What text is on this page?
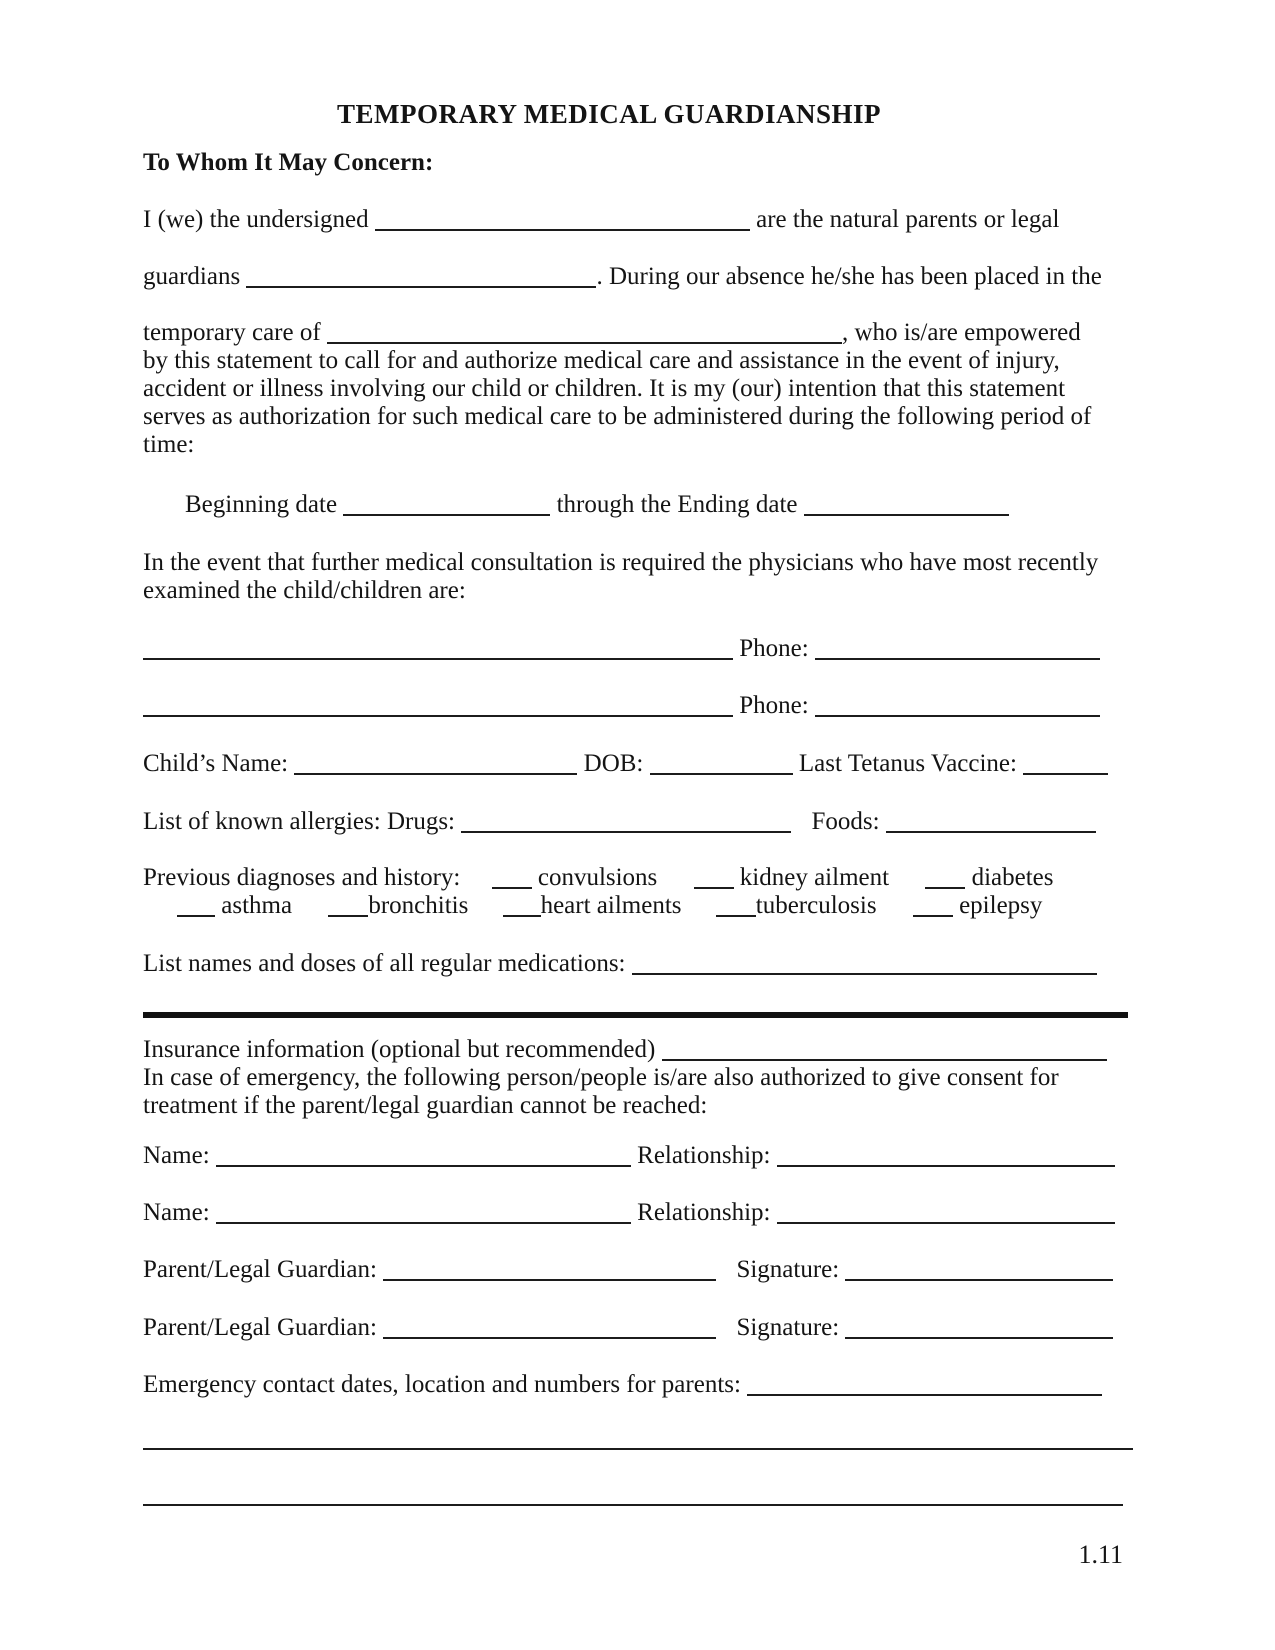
TEMPORARY MEDICAL GUARDIANSHIP
To Whom It May Concern:
I (we) the undersigned	are the natural parents or legal
guardians	. During our absence he/she has been placed in the
temporary care of	, who is/are empowered
by this statement to call for and authorize medical care and assistance in the event of injury,
accident or illness involving our child or children. It is my (our) intention that this statement
serves as authorization for such medical care to be administered during the following period of
time:
Beginning date	through the Ending date
In the event that further medical consultation is required the physicians who have most recently
examined the child/children are:
Phone:
Phone:
Child’s Name:	DOB:	Last Tetanus Vaccine:
List of known allergies: Drugs:	Foods:
Previous diagnoses and history:	convulsions	kidney ailment	diabetes
asthma	bronchitis	heart ailments	tuberculosis	epilepsy
List names and doses of all regular medications:
Insurance information (optional but recommended)
In case of emergency, the following person/people is/are also authorized to give consent for
treatment if the parent/legal guardian cannot be reached:
Name:	Relationship:
Name:	Relationship:
Parent/Legal Guardian:	Signature:
Parent/Legal Guardian:	Signature:
Emergency contact dates, location and numbers for parents:
1.11
